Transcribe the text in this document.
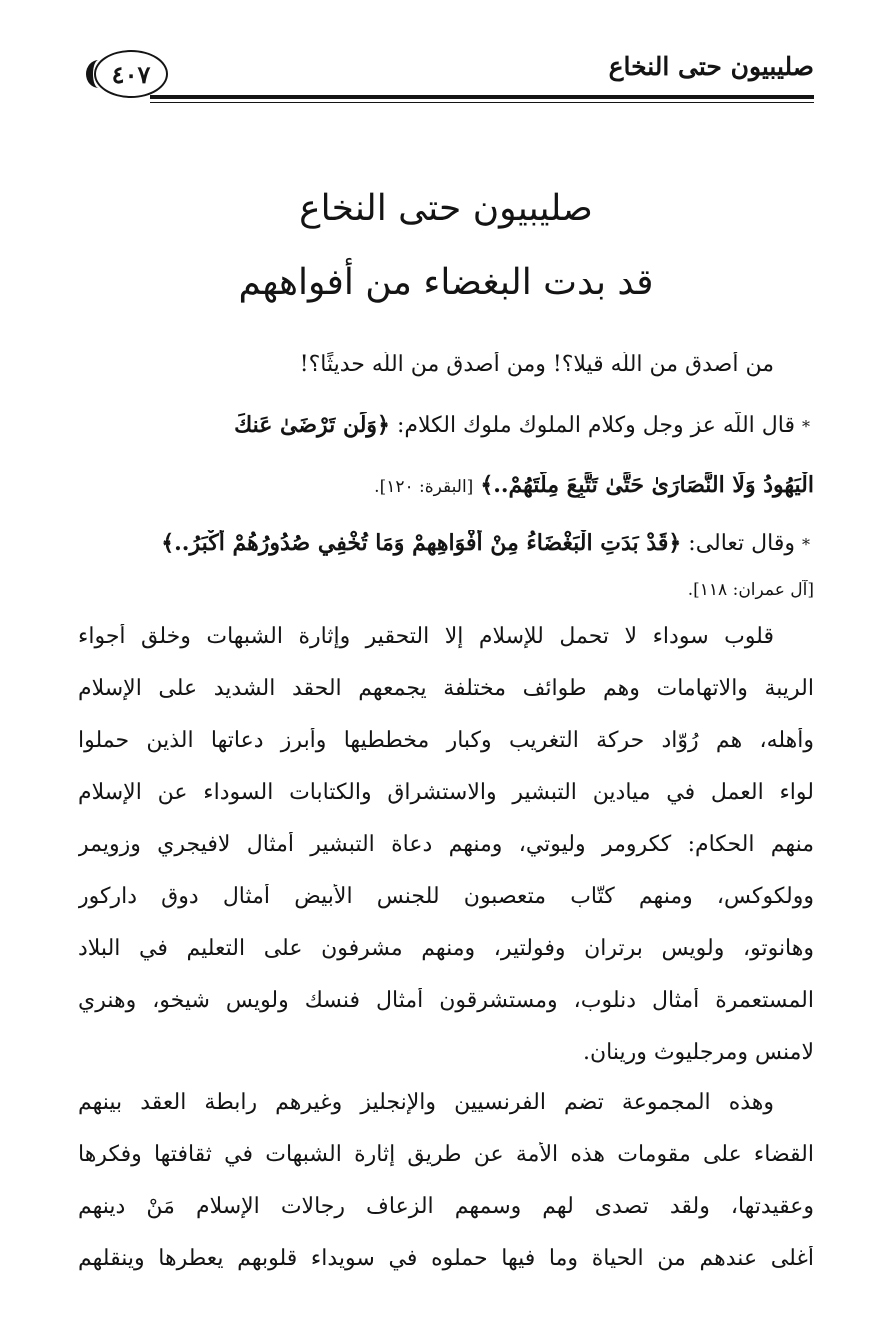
صليبيون حتى النخاع
٤٠٧
صليبيون حتى النخاع
قد بدت البغضاء من أفواههم
من أصدق من اللّه قيلا؟! ومن أصدق من اللّه حديثًا؟!
* قال اللّه عز وجل وكلام الملوك ملوك الكلام: ﴿وَلَن تَرْضَىٰ عَنكَ
الْيَهُودُ وَلَا النَّصَارَىٰ حَتَّىٰ تَتَّبِعَ مِلَّتَهُمْ..﴾ [البقرة: ١٢٠].
* وقال تعالى: ﴿قَدْ بَدَتِ الْبَغْضَاءُ مِنْ أَفْوَاهِهِمْ وَمَا تُخْفِي صُدُورُهُمْ أَكْبَرُ..﴾
[آل عمران: ١١٨].
قلوب سوداء لا تحمل للإسلام إلا التحقير وإثارة الشبهات وخلق أجواء
الريبة والاتهامات وهم طوائف مختلفة يجمعهم الحقد الشديد على الإسلام
وأهله، هم رُوّاد حركة التغريب وكبار مخططيها وأبرز دعاتها الذين حملوا
لواء العمل في ميادين التبشير والاستشراق والكتابات السوداء عن الإسلام
منهم الحكام: ككرومر وليوتي، ومنهم دعاة التبشير أمثال لافيجري وزويمر
وولكوكس، ومنهم كتّاب متعصبون للجنس الأبيض أمثال دوق داركور
وهانوتو، ولويس برتران وفولتير، ومنهم مشرفون على التعليم في البلاد
المستعمرة أمثال دنلوب، ومستشرقون أمثال فنسك ولويس شيخو، وهنري
لامنس ومرجليوث ورينان.
وهذه المجموعة تضم الفرنسيين والإنجليز وغيرهم رابطة العقد بينهم
القضاء على مقومات هذه الأمة عن طريق إثارة الشبهات في ثقافتها وفكرها
وعقيدتها، ولقد تصدى لهم وسمهم الزعاف رجالات الإسلام مَنْ دينهم
أغلى عندهم من الحياة وما فيها حملوه في سويداء قلوبهم يعطرها وينقلهم
